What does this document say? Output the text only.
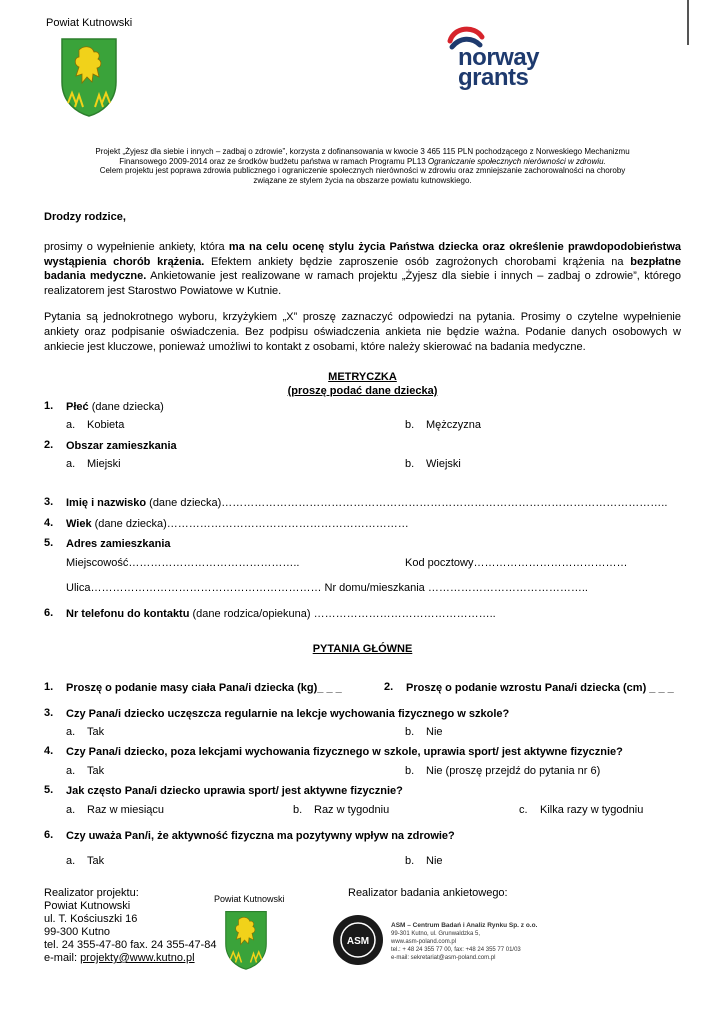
Powiat Kutnowski
norway
grants
Projekt „Żyjesz dla siebie i innych – zadbaj o zdrowie”, korzysta z dofinansowania w kwocie 3 465 115 PLN pochodzącego z Norweskiego Mechanizmu
Finansowego 2009-2014 oraz ze środków budżetu państwa w ramach Programu PL13 Ograniczanie społecznych nierówności w zdrowiu.
Celem projektu jest poprawa zdrowia publicznego i ograniczenie społecznych nierówności w zdrowiu oraz zmniejszanie zachorowalności na choroby
związane ze stylem życia na obszarze powiatu kutnowskiego.
Drodzy rodzice,
prosimy o wypełnienie ankiety, która ma na celu ocenę stylu życia Państwa dziecka oraz określenie prawdopodobieństwa wystąpienia chorób krążenia. Efektem ankiety będzie zaproszenie osób zagrożonych chorobami krążenia na bezpłatne badania medyczne. Ankietowanie jest realizowane w ramach projektu „Żyjesz dla siebie i innych – zadbaj o zdrowie”, którego realizatorem jest Starostwo Powiatowe w Kutnie.
Pytania są jednokrotnego wyboru, krzyżykiem „X” proszę zaznaczyć odpowiedzi na pytania. Prosimy o czytelne wypełnienie ankiety oraz podpisanie oświadczenia. Bez podpisu oświadczenia ankieta nie będzie ważna. Podanie danych osobowych w ankiecie jest kluczowe, ponieważ umożliwi to kontakt z osobami, które należy skierować na badania medyczne.
METRYCZKA
(proszę podać dane dziecka)
1. Płeć (dane dziecka)
a. Kobieta	b. Mężczyzna
2. Obszar zamieszkania
a. Miejski	b. Wiejski
3. Imię i nazwisko (dane dziecka)…………………………………………………………………………………………………………..
4. Wiek (dane dziecka)…………………………………………………………
5. Adres zamieszkania
Miejscowość………………………………………..	Kod pocztowy……………………………………
Ulica……………………………………………………… Nr domu/mieszkania ……………………………………..
6. Nr telefonu do kontaktu (dane rodzica/opiekuna) …………………………………………..
PYTANIA GŁÓWNE
1. Proszę o podanie masy ciała Pana/i dziecka (kg)_ _ _	2. Proszę o podanie wzrostu Pana/i dziecka (cm) _ _ _
3. Czy Pana/i dziecko uczęszcza regularnie na lekcje wychowania fizycznego w szkole?
a. Tak	b. Nie
4. Czy Pana/i dziecko, poza lekcjami wychowania fizycznego w szkole, uprawia sport/ jest aktywne fizycznie?
a. Tak	b. Nie (proszę przejdź do pytania nr 6)
5. Jak często Pana/i dziecko uprawia sport/ jest aktywne fizycznie?
a. Raz w miesiącu	b. Raz w tygodniu	c. Kilka razy w tygodniu
6. Czy uważa Pan/i, że aktywność fizyczna ma pozytywny wpływ na zdrowie?
a. Tak	b. Nie
Realizator projektu:
Powiat Kutnowski
ul. T. Kościuszki 16
99-300 Kutno
tel. 24 355-47-80 fax. 24 355-47-84
e-mail: projekty@www.kutno.pl
Powiat Kutnowski	Realizator badania ankietowego:
ASM
ASM – Centrum Badań i Analiz Rynku Sp. z o.o.
99-301 Kutno, ul. Grunwaldzka 5,
www.asm-poland.com.pl
tel.: + 48 24 355 77 00, fax: +48 24 355 77 01/03
e-mail: sekretariat@asm-poland.com.pl
